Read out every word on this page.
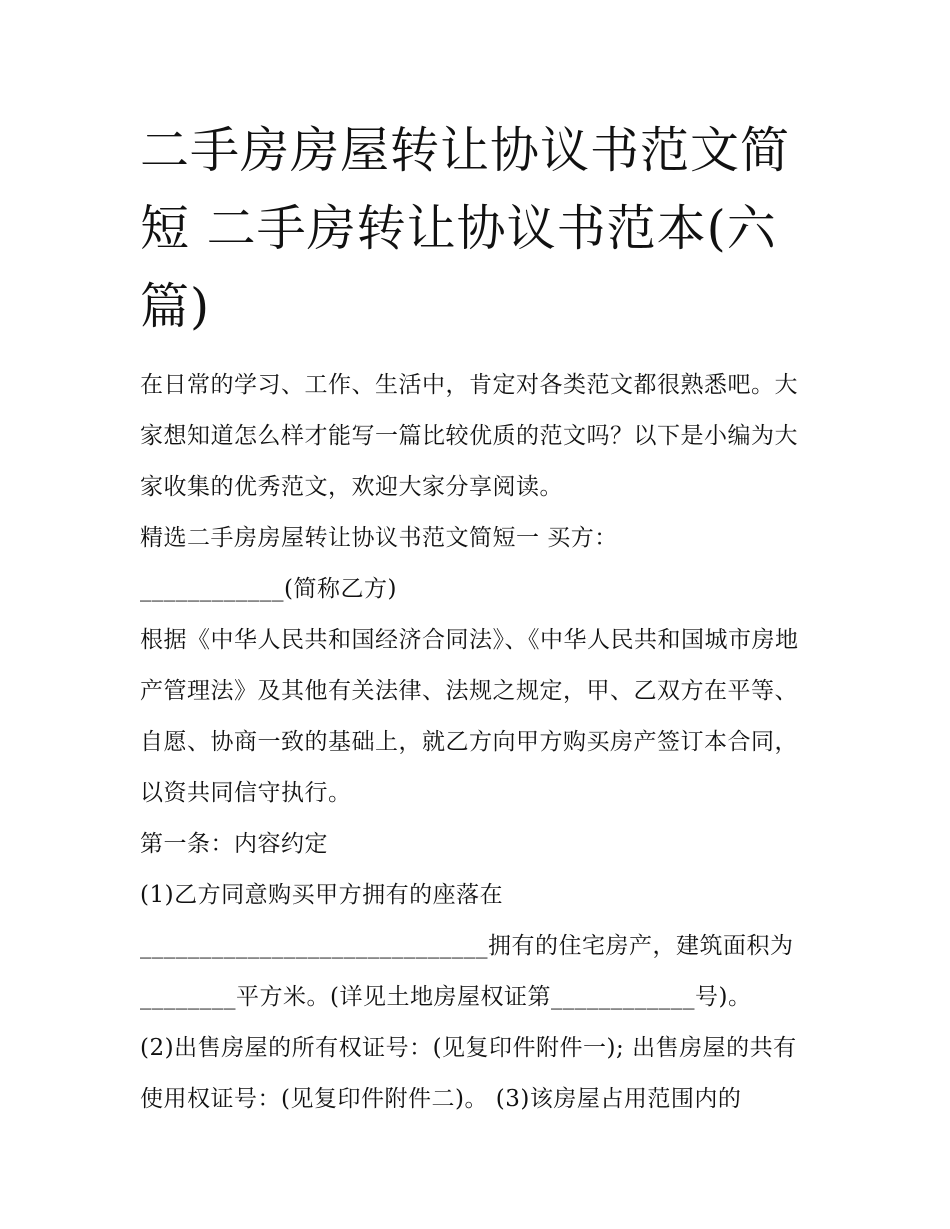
二手房房屋转让协议书范文简短 二手房转让协议书范本(六篇)

在日常的学习、工作、生活中，肯定对各类范文都很熟悉吧。大家想知道怎么样才能写一篇比较优质的范文吗？以下是小编为大家收集的优秀范文，欢迎大家分享阅读。

精选二手房房屋转让协议书范文简短一 买方：

____________(简称乙方)

根据《中华人民共和国经济合同法》、《中华人民共和国城市房地产管理法》及其他有关法律、法规之规定，甲、乙双方在平等、自愿、协商一致的基础上，就乙方向甲方购买房产签订本合同，以资共同信守执行。

第一条：内容约定

(1)乙方同意购买甲方拥有的座落在

_____________________________拥有的住宅房产，建筑面积为

________平方米。(详见土地房屋权证第____________号)。

(2)出售房屋的所有权证号：(见复印件附件一); 出售房屋的共有使用权证号：(见复印件附件二)。 (3)该房屋占用范围内的
